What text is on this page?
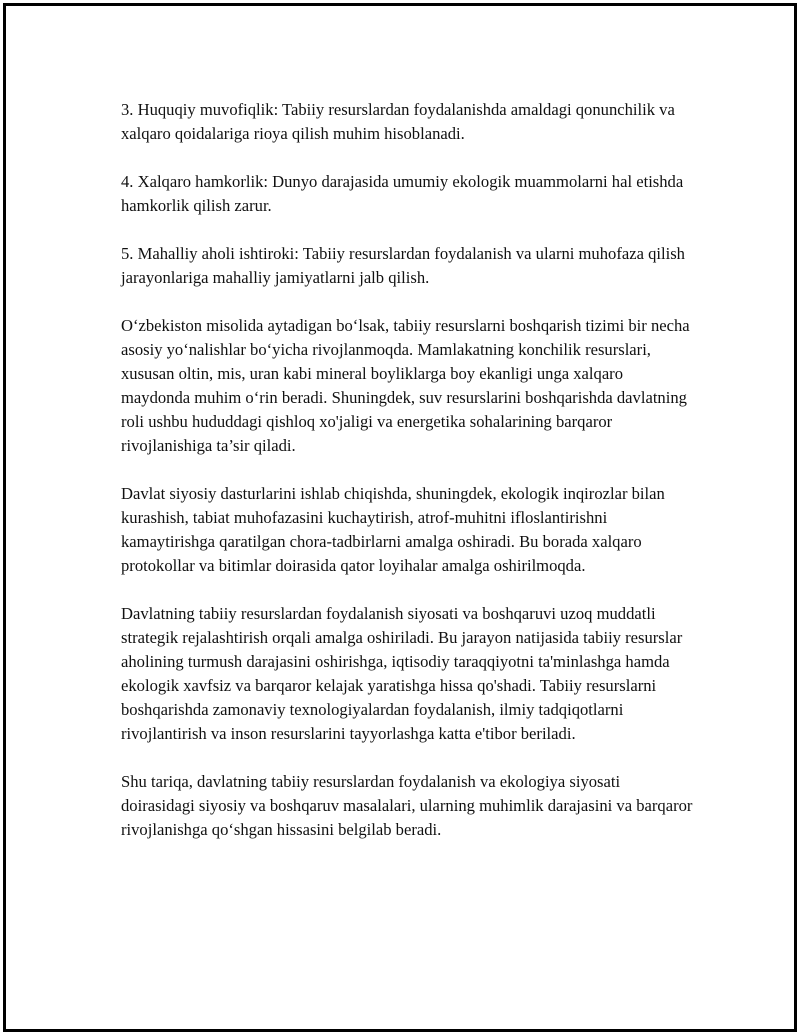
3. Huquqiy muvofiqlik: Tabiiy resurslardan foydalanishda amaldagi qonunchilik va xalqaro qoidalariga rioya qilish muhim hisoblanadi.

4. Xalqaro hamkorlik: Dunyo darajasida umumiy ekologik muammolarni hal etishda hamkorlik qilish zarur.

5. Mahalliy aholi ishtiroki: Tabiiy resurslardan foydalanish va ularni muhofaza qilish jarayonlariga mahalliy jamiyatlarni jalb qilish.

O‘zbekiston misolida aytadigan bo‘lsak, tabiiy resurslarni boshqarish tizimi bir necha asosiy yo‘nalishlar bo‘yicha rivojlanmoqda. Mamlakatning konchilik resurslari, xususan oltin, mis, uran kabi mineral boyliklarga boy ekanligi unga xalqaro maydonda muhim o‘rin beradi. Shuningdek, suv resurslarini boshqarishda davlatning roli ushbu hududdagi qishloq xo'jaligi va energetika sohalarining barqaror rivojlanishiga ta’sir qiladi.

Davlat siyosiy dasturlarini ishlab chiqishda, shuningdek, ekologik inqirozlar bilan kurashish, tabiat muhofazasini kuchaytirish, atrof-muhitni ifloslantirishni kamaytirishga qaratilgan chora-tadbirlarni amalga oshiradi. Bu borada xalqaro protokollar va bitimlar doirasida qator loyihalar amalga oshirilmoqda.

Davlatning tabiiy resurslardan foydalanish siyosati va boshqaruvi uzoq muddatli strategik rejalashtirish orqali amalga oshiriladi. Bu jarayon natijasida tabiiy resurslar aholining turmush darajasini oshirishga, iqtisodiy taraqqiyotni ta'minlashga hamda ekologik xavfsiz va barqaror kelajak yaratishga hissa qo'shadi. Tabiiy resurslarni boshqarishda zamonaviy texnologiyalardan foydalanish, ilmiy tadqiqotlarni rivojlantirish va inson resurslarini tayyorlashga katta e'tibor beriladi.

Shu tariqa, davlatning tabiiy resurslardan foydalanish va ekologiya siyosati doirasidagi siyosiy va boshqaruv masalalari, ularning muhimlik darajasini va barqaror rivojlanishga qo‘shgan hissasini belgilab beradi.
